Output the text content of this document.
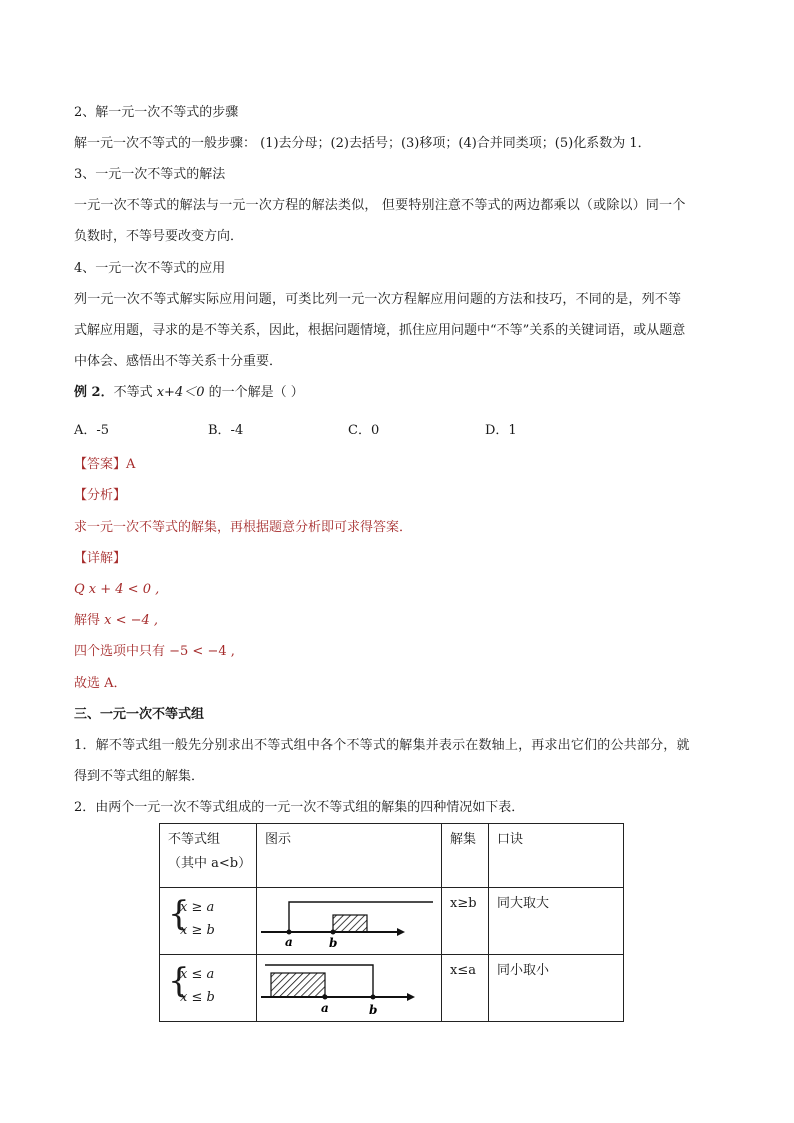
2、解一元一次不等式的步骤
解一元一次不等式的一般步骤： (1)去分母；(2)去括号；(3)移项；(4)合并同类项；(5)化系数为 1．
3、一元一次不等式的解法
一元一次不等式的解法与一元一次方程的解法类似， 但要特别注意不等式的两边都乘以（或除以）同一个
负数时，不等号要改变方向．
4、一元一次不等式的应用
列一元一次不等式解实际应用问题，可类比列一元一次方程解应用问题的方法和技巧，不同的是，列不等
式解应用题，寻求的是不等关系，因此，根据问题情境，抓住应用问题中“不等”关系的关键词语，或从题意
中体会、感悟出不等关系十分重要．
例 2．不等式 x+4＜0 的一个解是（ ）
A．-5	B．-4	C．0	D．1
【答案】A
【分析】
求一元一次不等式的解集，再根据题意分析即可求得答案．
【详解】
Q x + 4 < 0 ,
解得 x < −4 ,
四个选项中只有 −5 < −4 ,
故选 A．
三、一元一次不等式组
1．解不等式组一般先分别求出不等式组中各个不等式的解集并表示在数轴上，再求出它们的公共部分，就
得到不等式组的解集．
2．由两个一元一次不等式组成的一元一次不等式组的解集的四种情况如下表．
不等式组
（其中 a<b）	图示	解集	口诀

{
x ≥ a
x ≥ b	a b	x≥b	同大取大

{
x ≤ a
x ≤ b	a b	x≤a	同小取小
